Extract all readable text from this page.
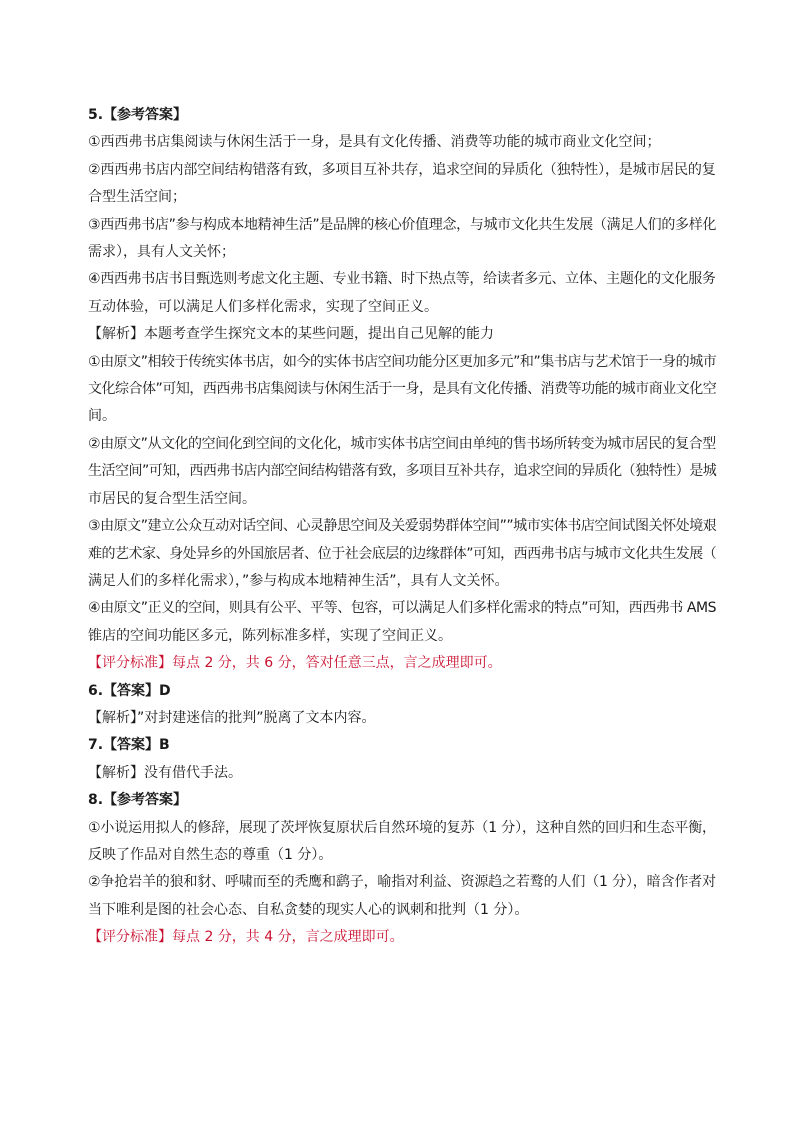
5.【参考答案】
①西西弗书店集阅读与休闲生活于一身，是具有文化传播、消费等功能的城市商业文化空间；
②西西弗书店内部空间结构错落有致，多项目互补共存，追求空间的异质化（独特性），是城市居民的复
合型生活空间；
③西西弗书店”参与构成本地精神生活”是品牌的核心价值理念，与城市文化共生发展（满足人们的多样化
需求），具有人文关怀；
④西西弗书店书目甄选则考虑文化主题、专业书籍、时下热点等，给读者多元、立体、主题化的文化服务
互动体验，可以满足人们多样化需求，实现了空间正义。
【解析】本题考查学生探究文本的某些问题，提出自己见解的能力
①由原文”相较于传统实体书店，如今的实体书店空间功能分区更加多元”和”集书店与艺术馆于一身的城市
文化综合体”可知，西西弗书店集阅读与休闲生活于一身，是具有文化传播、消费等功能的城市商业文化空
间。
②由原文”从文化的空间化到空间的文化化，城市实体书店空间由单纯的售书场所转变为城市居民的复合型
生活空间”可知，西西弗书店内部空间结构错落有致，多项目互补共存，追求空间的异质化（独特性）是城
市居民的复合型生活空间。
③由原文”建立公众互动对话空间、心灵静思空间及关爱弱势群体空间””城市实体书店空间试图关怀处境艰
难的艺术家、身处异乡的外国旅居者、位于社会底层的边缘群体”可知，西西弗书店与城市文化共生发展（
满足人们的多样化需求），”参与构成本地精神生活”，具有人文关怀。
④由原文”正义的空间，则具有公平、平等、包容，可以满足人们多样化需求的特点”可知，西西弗书 AMS
锥店的空间功能区多元，陈列标准多样，实现了空间正义。
【评分标准】每点 2 分，共 6 分，答对任意三点，言之成理即可。
6.【答案】D
【解析】”对封建迷信的批判”脱离了文本内容。
7.【答案】B
【解析】没有借代手法。
8.【参考答案】
①小说运用拟人的修辞，展现了茨坪恢复原状后自然环境的复苏（1 分），这种自然的回归和生态平衡，
反映了作品对自然生态的尊重（1 分）。
②争抢岩羊的狼和豺、呼啸而至的秃鹰和鹞子，喻指对利益、资源趋之若鹜的人们（1 分），暗含作者对
当下唯利是图的社会心态、自私贪婪的现实人心的讽刺和批判（1 分）。
【评分标准】每点 2 分，共 4 分，言之成理即可。
